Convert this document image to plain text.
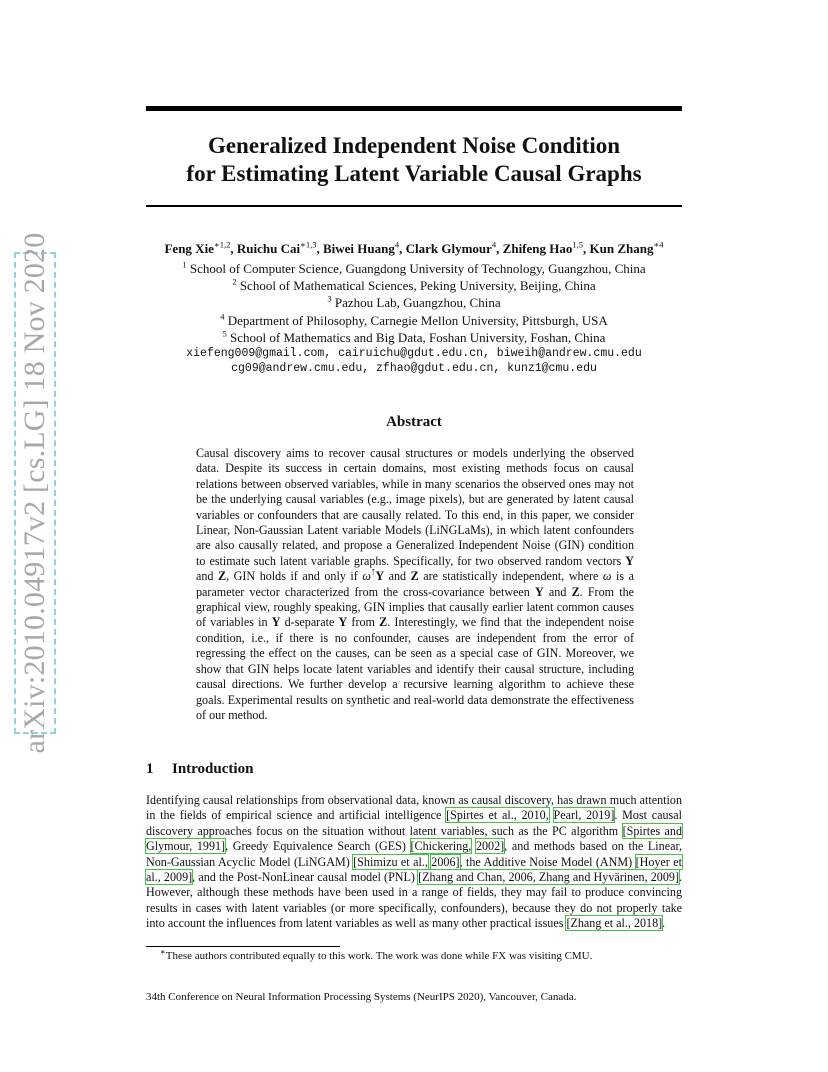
arXiv:2010.04917v2 [cs.LG] 18 Nov 2020
Generalized Independent Noise Condition
for Estimating Latent Variable Causal Graphs
Feng Xie$^{∗1,2}$, Ruichu Cai$^{∗1,3}$, Biwei Huang$^4$, Clark Glymour$^4$, Zhifeng Hao$^{1,5}$, Kun Zhang$^{∗4}$
$^1$ School of Computer Science, Guangdong University of Technology, Guangzhou, China
$^2$ School of Mathematical Sciences, Peking University, Beijing, China
$^3$ Pazhou Lab, Guangzhou, China
$^4$ Department of Philosophy, Carnegie Mellon University, Pittsburgh, USA
$^5$ School of Mathematics and Big Data, Foshan University, Foshan, China
xiefeng009@gmail.com, cairuichu@gdut.edu.cn, biweih@andrew.cmu.edu
cg09@andrew.cmu.edu, zfhao@gdut.edu.cn, kunz1@cmu.edu
Abstract
Causal discovery aims to recover causal structures or models underlying the observed data. Despite its success in certain domains, most existing methods focus on causal relations between observed variables, while in many scenarios the observed ones may not be the underlying causal variables (e.g., image pixels), but are generated by latent causal variables or confounders that are causally related. To this end, in this paper, we consider Linear, Non-Gaussian Latent variable Models (LiNGLaMs), in which latent confounders are also causally related, and propose a Generalized Independent Noise (GIN) condition to estimate such latent variable graphs. Specifically, for two observed random vectors Y and Z, GIN holds if and only if ω⊺Y and Z are statistically independent, where ω is a parameter vector characterized from the cross-covariance between Y and Z. From the graphical view, roughly speaking, GIN implies that causally earlier latent common causes of variables in Y d-separate Y from Z. Interestingly, we find that the independent noise condition, i.e., if there is no confounder, causes are independent from the error of regressing the effect on the causes, can be seen as a special case of GIN. Moreover, we show that GIN helps locate latent variables and identify their causal structure, including causal directions. We further develop a recursive learning algorithm to achieve these goals. Experimental results on synthetic and real-world data demonstrate the effectiveness of our method.
1 Introduction
Identifying causal relationships from observational data, known as causal discovery, has drawn much attention in the fields of empirical science and artificial intelligence [Spirtes et al., 2010, Pearl, 2019]. Most causal discovery approaches focus on the situation without latent variables, such as the PC algorithm [Spirtes and Glymour, 1991], Greedy Equivalence Search (GES) [Chickering, 2002], and methods based on the Linear, Non-Gaussian Acyclic Model (LiNGAM) [Shimizu et al., 2006], the Additive Noise Model (ANM) [Hoyer et al., 2009], and the Post-NonLinear causal model (PNL) [Zhang and Chan, 2006, Zhang and Hyvärinen, 2009]. However, although these methods have been used in a range of fields, they may fail to produce convincing results in cases with latent variables (or more specifically, confounders), because they do not properly take into account the influences from latent variables as well as many other practical issues [Zhang et al., 2018].
∗These authors contributed equally to this work. The work was done while FX was visiting CMU.
34th Conference on Neural Information Processing Systems (NeurIPS 2020), Vancouver, Canada.
